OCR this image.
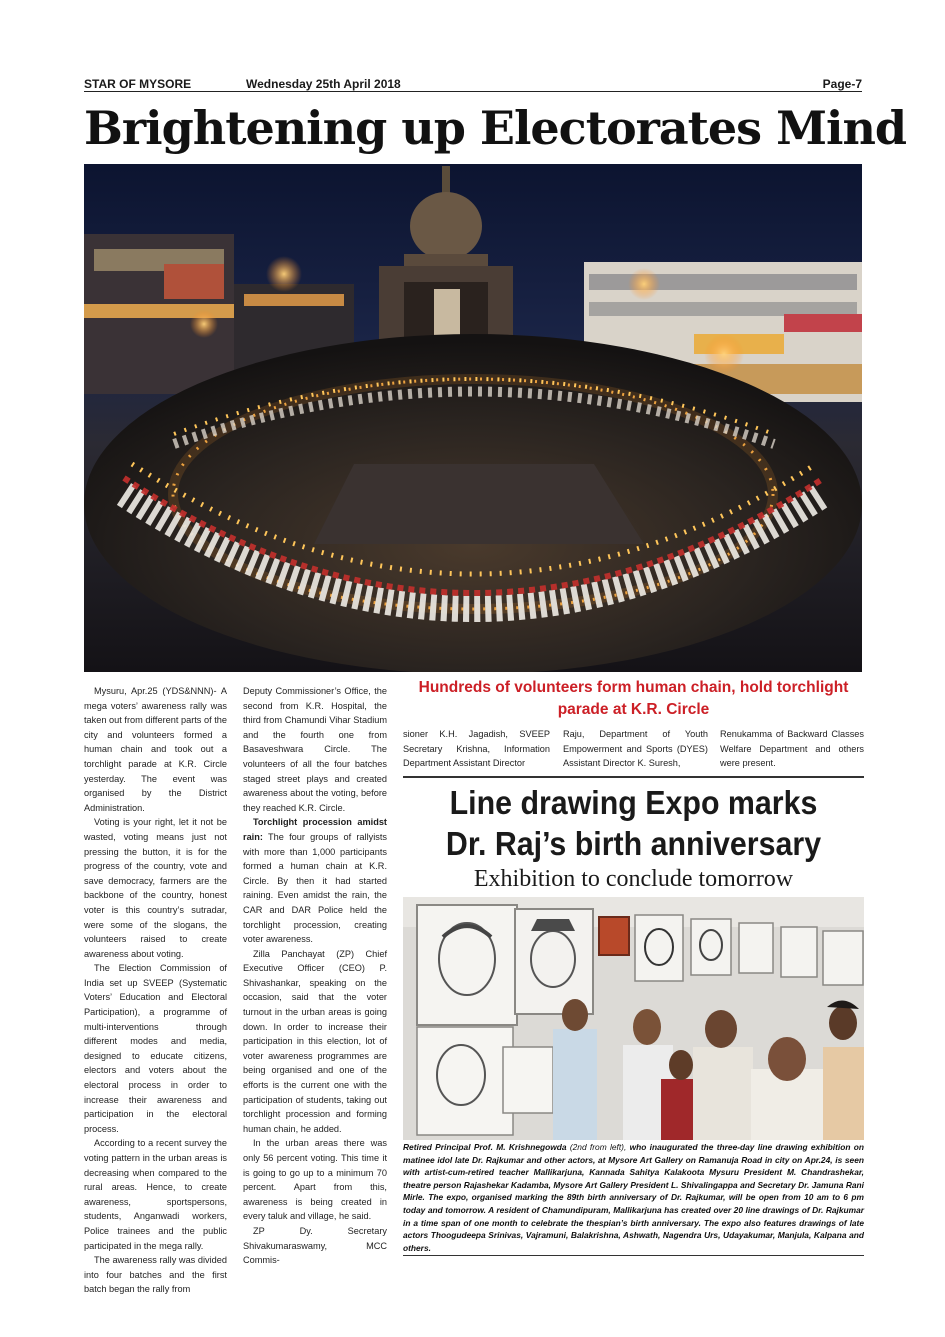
STAR OF MYSORE	Wednesday 25th April 2018	Page-7
Brightening up Electorates Mind

Mysuru, Apr.25 (YDS&NNN)- A mega voters’ awareness rally was taken out from different parts of the city and volunteers formed a human chain and took out a torchlight parade at K.R. Circle yesterday. The event was organised by the District Administration.

Voting is your right, let it not be wasted, voting means just not pressing the button, it is for the progress of the country, vote and save democracy, farmers are the backbone of the country, honest voter is this country’s sutradar, were some of the slogans, the volunteers raised to create awareness about voting.

The Election Commission of India set up SVEEP (Systematic Voters’ Education and Electoral Participation), a programme of multi-interventions through different modes and media, designed to educate citizens, electors and voters about the electoral process in order to increase their awareness and participation in the electoral process.

According to a recent survey the voting pattern in the urban areas is decreasing when compared to the rural areas. Hence, to create awareness, sportspersons, students, Anganwadi workers, Police trainees and the public participated in the mega rally.

The awareness rally was divided into four batches and the first batch began the rally from

Deputy Commissioner’s Office, the second from K.R. Hospital, the third from Chamundi Vihar Stadium and the fourth one from Basaveshwara Circle. The volunteers of all the four batches staged street plays and created awareness about the voting, before they reached K.R. Circle.

Torchlight procession amidst rain: The four groups of rallyists with more than 1,000 participants formed a human chain at K.R. Circle. By then it had started raining. Even amidst the rain, the CAR and DAR Police held the torchlight procession, creating voter awareness.

Zilla Panchayat (ZP) Chief Executive Officer (CEO) P. Shivashankar, speaking on the occasion, said that the voter turnout in the urban areas is going down. In order to increase their participation in this election, lot of voter awareness programmes are being organised and one of the efforts is the current one with the participation of students, taking out torchlight procession and forming human chain, he added.

In the urban areas there was only 56 percent voting. This time it is going to go up to a minimum 70 percent. Apart from this, awareness is being created in every taluk and village, he said.

ZP Dy. Secretary Shivakumaraswamy, MCC Commis-

Hundreds of volunteers form human chain, hold torchlight parade at K.R. Circle

sioner K.H. Jagadish, SVEEP Secretary Krishna, Information Department Assistant Director

Raju, Department of Youth Empowerment and Sports (DYES) Assistant Director K. Suresh,

Renukamma of Backward Classes Welfare Department and others were present.

Line drawing Expo marks
Dr. Raj’s birth anniversary
Exhibition to conclude tomorrow
Retired Principal Prof. M. Krishnegowda (2nd from left), who inaugurated the three-day line drawing exhibition on matinee idol late Dr. Rajkumar and other actors, at Mysore Art Gallery on Ramanuja Road in city on Apr.24, is seen with artist-cum-retired teacher Mallikarjuna, Kannada Sahitya Kalakoota Mysuru President M. Chandrashekar, theatre person Rajashekar Kadamba, Mysore Art Gallery President L. Shivalingappa and Secretary Dr. Jamuna Rani Mirle. The expo, organised marking the 89th birth anniversary of Dr. Rajkumar, will be open from 10 am to 6 pm today and tomorrow. A resident of Chamundipuram, Mallikarjuna has created over 20 line drawings of Dr. Rajkumar in a time span of one month to celebrate the thespian’s birth anniversary. The expo also features drawings of late actors Thoogudeepa Srinivas, Vajramuni, Balakrishna, Ashwath, Nagendra Urs, Udayakumar, Manjula, Kalpana and others.
